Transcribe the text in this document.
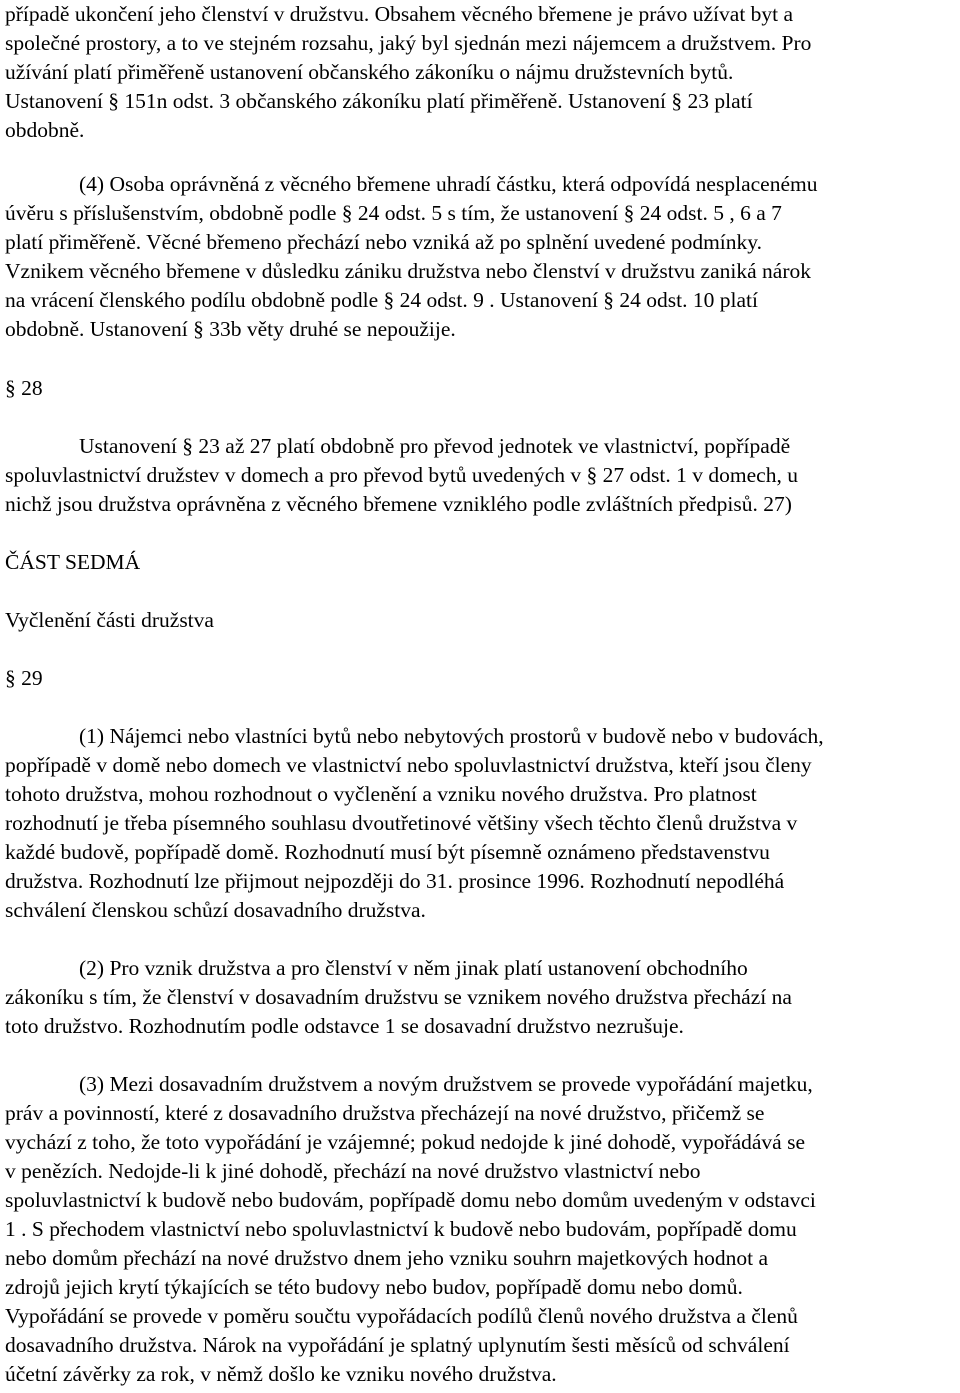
případě ukončení jeho členství v družstvu. Obsahem věcného břemene je právo užívat byt a
společné prostory, a to ve stejném rozsahu, jaký byl sjednán mezi nájemcem a družstvem. Pro
užívání platí přiměřeně ustanovení občanského zákoníku o nájmu družstevních bytů.
Ustanovení § 151n odst. 3 občanského zákoníku platí přiměřeně. Ustanovení § 23 platí
obdobně.
(4) Osoba oprávněná z věcného břemene uhradí částku, která odpovídá nesplacenému
úvěru s příslušenstvím, obdobně podle § 24 odst. 5 s tím, že ustanovení § 24 odst. 5 , 6 a 7
platí přiměřeně. Věcné břemeno přechází nebo vzniká až po splnění uvedené podmínky.
Vznikem věcného břemene v důsledku zániku družstva nebo členství v družstvu zaniká nárok
na vrácení členského podílu obdobně podle § 24 odst. 9 . Ustanovení § 24 odst. 10 platí
obdobně. Ustanovení § 33b věty druhé se nepoužije.
§ 28
Ustanovení § 23 až 27 platí obdobně pro převod jednotek ve vlastnictví, popřípadě
spoluvlastnictví družstev v domech a pro převod bytů uvedených v § 27 odst. 1 v domech, u
nichž jsou družstva oprávněna z věcného břemene vzniklého podle zvláštních předpisů. 27)
ČÁST SEDMÁ
Vyčlenění části družstva
§ 29
(1) Nájemci nebo vlastníci bytů nebo nebytových prostorů v budově nebo v budovách,
popřípadě v domě nebo domech ve vlastnictví nebo spoluvlastnictví družstva, kteří jsou členy
tohoto družstva, mohou rozhodnout o vyčlenění a vzniku nového družstva. Pro platnost
rozhodnutí je třeba písemného souhlasu dvoutřetinové většiny všech těchto členů družstva v
každé budově, popřípadě domě. Rozhodnutí musí být písemně oznámeno představenstvu
družstva. Rozhodnutí lze přijmout nejpozději do 31. prosince 1996. Rozhodnutí nepodléhá
schválení členskou schůzí dosavadního družstva.
(2) Pro vznik družstva a pro členství v něm jinak platí ustanovení obchodního
zákoníku s tím, že členství v dosavadním družstvu se vznikem nového družstva přechází na
toto družstvo. Rozhodnutím podle odstavce 1 se dosavadní družstvo nezrušuje.
(3) Mezi dosavadním družstvem a novým družstvem se provede vypořádání majetku,
práv a povinností, které z dosavadního družstva přecházejí na nové družstvo, přičemž se
vychází z toho, že toto vypořádání je vzájemné; pokud nedojde k jiné dohodě, vypořádává se
v penězích. Nedojde-li k jiné dohodě, přechází na nové družstvo vlastnictví nebo
spoluvlastnictví k budově nebo budovám, popřípadě domu nebo domům uvedeným v odstavci
1 . S přechodem vlastnictví nebo spoluvlastnictví k budově nebo budovám, popřípadě domu
nebo domům přechází na nové družstvo dnem jeho vzniku souhrn majetkových hodnot a
zdrojů jejich krytí týkajících se této budovy nebo budov, popřípadě domu nebo domů.
Vypořádání se provede v poměru součtu vypořádacích podílů členů nového družstva a členů
dosavadního družstva. Nárok na vypořádání je splatný uplynutím šesti měsíců od schválení
účetní závěrky za rok, v němž došlo ke vzniku nového družstva.
